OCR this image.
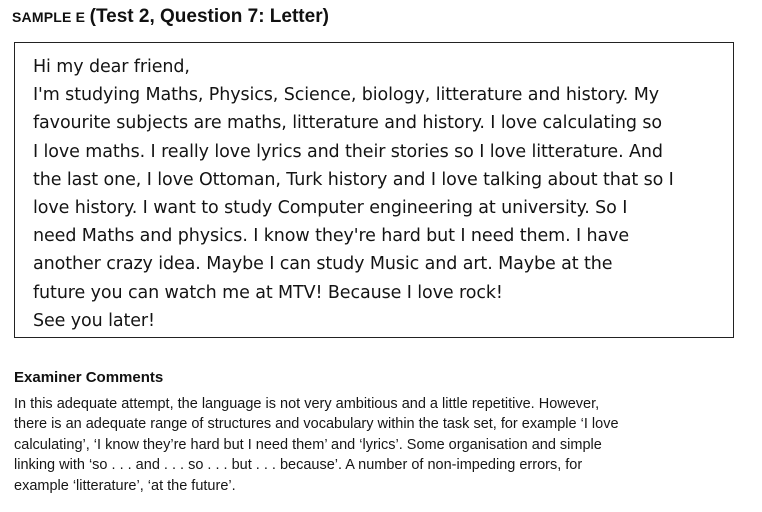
SAMPLE E (Test 2, Question 7: Letter)
Hi my dear friend,
I'm studying Maths, Physics, Science, biology, litterature and history. My
favourite subjects are maths, litterature and history. I love calculating so
I love maths. I really love lyrics and their stories so I love litterature. And
the last one, I love Ottoman, Turk history and I love talking about that so I
love history. I want to study Computer engineering at university. So I
need Maths and physics. I know they're hard but I need them. I have
another crazy idea. Maybe I can study Music and art. Maybe at the
future you can watch me at MTV! Because I love rock!
See you later!
Examiner Comments
In this adequate attempt, the language is not very ambitious and a little repetitive. However,
there is an adequate range of structures and vocabulary within the task set, for example ‘I love
calculating’, ‘I know they’re hard but I need them’ and ‘lyrics’. Some organisation and simple
linking with ‘so . . . and . . . so . . . but . . . because’. A number of non-impeding errors, for
example ‘litterature’, ‘at the future’.
